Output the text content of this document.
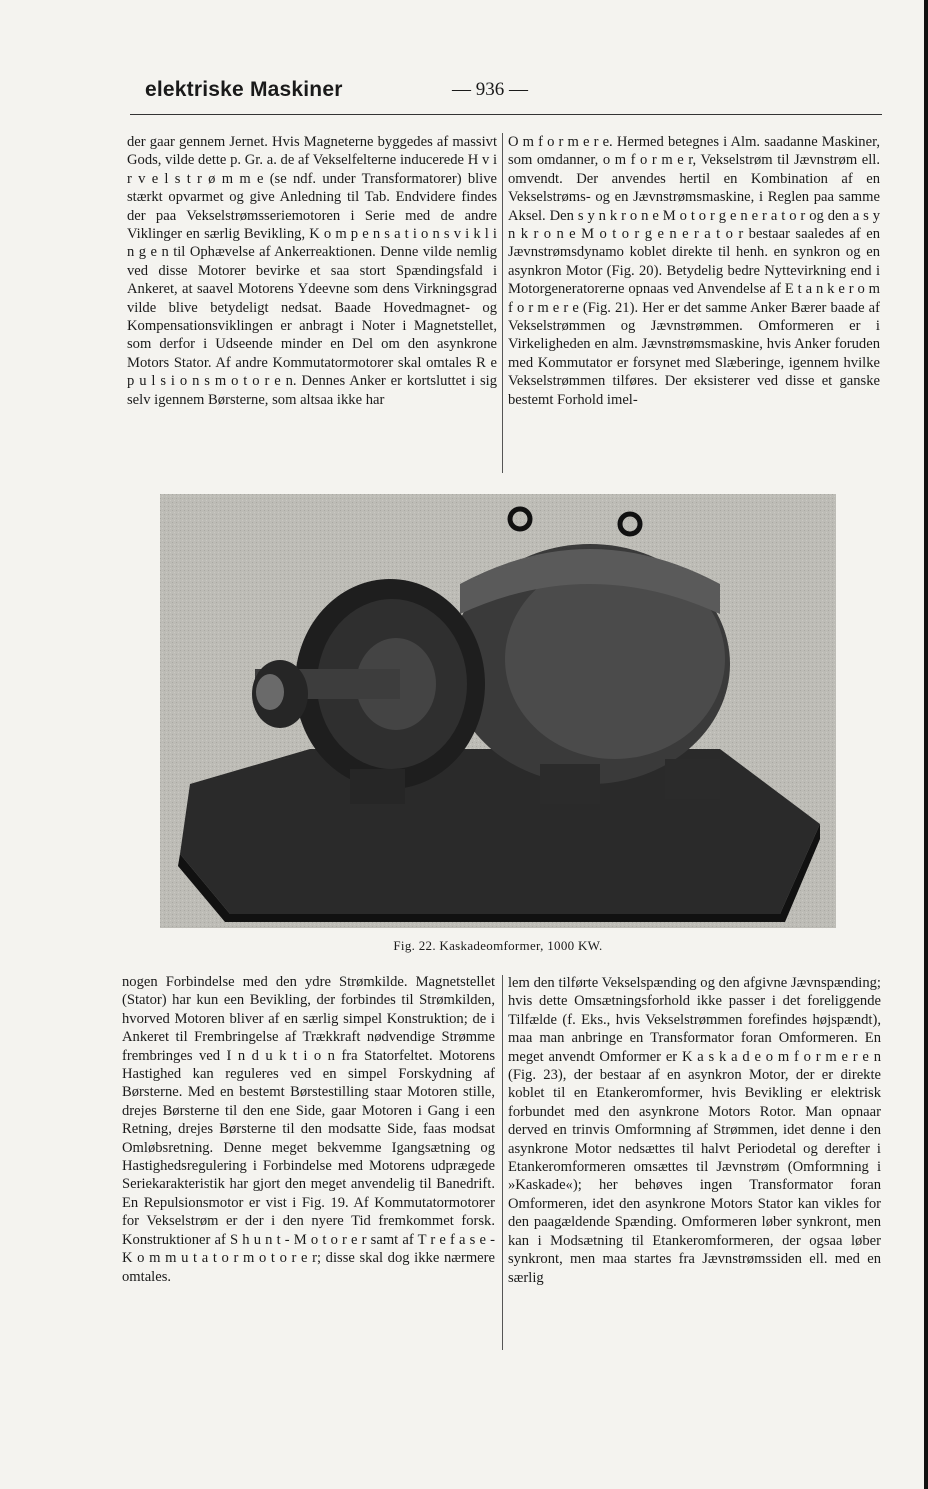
elektriske Maskiner	— 936 —

der gaar gennem Jernet. Hvis Magneterne byggedes af massivt Gods, vilde dette p. Gr. a. de af Vekselfelterne inducerede H v i r v e l s t r ø m m e (se ndf. under Transformatorer) blive stærkt opvarmet og give Anledning til Tab. Endvidere findes der paa Vekselstrømsseriemotoren i Serie med de andre Viklinger en særlig Bevikling, K o m p e n s a t i o n s v i k l i n g e n til Ophævelse af Ankerreaktionen. Denne vilde nemlig ved disse Motorer bevirke et saa stort Spændingsfald i Ankeret, at saavel Motorens Ydeevne som dens Virkningsgrad vilde blive betydeligt nedsat. Baade Hovedmagnet- og Kompensationsviklingen er anbragt i Noter i Magnetstellet, som derfor i Udseende minder en Del om den asynkrone Motors Stator. Af andre Kommutatormotorer skal omtales R e p u l s i o n s m o t o r e n. Dennes Anker er kortsluttet i sig selv igennem Børsterne, som altsaa ikke har

O m f o r m e r e. Hermed betegnes i Alm. saadanne Maskiner, som omdanner, o m f o r m e r, Vekselstrøm til Jævnstrøm ell. omvendt. Der anvendes hertil en Kombination af en Vekselstrøms- og en Jævnstrømsmaskine, i Reglen paa samme Aksel. Den s y n k r o n e M o t o r g e n e r a t o r og den a s y n k r o n e M o t o r g e n e r a t o r bestaar saaledes af en Jævnstrømsdynamo koblet direkte til henh. en synkron og en asynkron Motor (Fig. 20). Betydelig bedre Nyttevirkning end i Motorgeneratorerne opnaas ved Anvendelse af E t a n k e r o m f o r m e r e (Fig. 21). Her er det samme Anker Bærer baade af Vekselstrømmen og Jævnstrømmen. Omformeren er i Virkeligheden en alm. Jævnstrømsmaskine, hvis Anker foruden med Kommutator er forsynet med Slæberinge, igennem hvilke Vekselstrømmen tilføres. Der eksisterer ved disse et ganske bestemt Forhold imel-

Fig. 22. Kaskadeomformer, 1000 KW.

nogen Forbindelse med den ydre Strømkilde. Magnetstellet (Stator) har kun een Bevikling, der forbindes til Strømkilden, hvorved Motoren bliver af en særlig simpel Konstruktion; de i Ankeret til Frembringelse af Trækkraft nødvendige Strømme frembringes ved I n d u k t i o n fra Statorfeltet. Motorens Hastighed kan reguleres ved en simpel Forskydning af Børsterne. Med en bestemt Børstestilling staar Motoren stille, drejes Børsterne til den ene Side, gaar Motoren i Gang i een Retning, drejes Børsterne til den modsatte Side, faas modsat Omløbsretning. Denne meget bekvemme Igangsætning og Hastighedsregulering i Forbindelse med Motorens udprægede Seriekarakteristik har gjort den meget anvendelig til Banedrift. En Repulsionsmotor er vist i Fig. 19. Af Kommutatormotorer for Vekselstrøm er der i den nyere Tid fremkommet forsk. Konstruktioner af S h u n t - M o t o r e r samt af T r e f a s e - K o m m u t a t o r m o t o r e r; disse skal dog ikke nærmere omtales.

lem den tilførte Vekselspænding og den afgivne Jævnspænding; hvis dette Omsætningsforhold ikke passer i det foreliggende Tilfælde (f. Eks., hvis Vekselstrømmen forefindes højspændt), maa man anbringe en Transformator foran Omformeren. En meget anvendt Omformer er K a s k a d e o m f o r m e r e n (Fig. 23), der bestaar af en asynkron Motor, der er direkte koblet til en Etankeromformer, hvis Bevikling er elektrisk forbundet med den asynkrone Motors Rotor. Man opnaar derved en trinvis Omformning af Strømmen, idet denne i den asynkrone Motor nedsættes til halvt Periodetal og derefter i Etankeromformeren omsættes til Jævnstrøm (Omformning i »Kaskade«); her behøves ingen Transformator foran Omformeren, idet den asynkrone Motors Stator kan vikles for den paagældende Spænding. Omformeren løber synkront, men kan i Modsætning til Etankeromformeren, der ogsaa løber synkront, men maa startes fra Jævnstrømssiden ell. med en særlig
